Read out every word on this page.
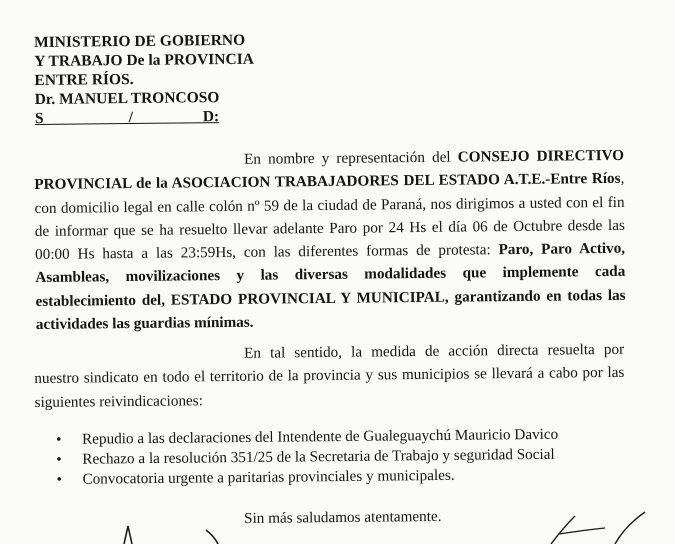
MINISTERIO DE GOBIERNO
Y TRABAJO De la PROVINCIA
ENTRE RÍOS.
Dr. MANUEL TRONCOSO
S                      /                  D:
En nombre y representación del CONSEJO DIRECTIVO PROVINCIAL de la ASOCIACION TRABAJADORES DEL ESTADO A.T.E.-Entre Ríos, con domicilio legal en calle colón nº 59 de la ciudad de Paraná, nos dirigimos a usted con el fin de informar que se ha resuelto llevar adelante Paro por 24 Hs el día 06 de Octubre desde las 00:00 Hs hasta a las 23:59Hs, con las diferentes formas de protesta: Paro, Paro Activo, Asambleas, movilizaciones y las diversas modalidades que implemente cada establecimiento del, ESTADO PROVINCIAL Y MUNICIPAL, garantizando en todas las actividades las guardias mínimas.
En tal sentido, la medida de acción directa resuelta por nuestro sindicato en todo el territorio de la provincia y sus municipios se llevará a cabo por las siguientes reivindicaciones:
• Repudio a las declaraciones del Intendente de Gualeguaychú Mauricio Davico
• Rechazo a la resolución 351/25 de la Secretaria de Trabajo y seguridad Social
• Convocatoria urgente a paritarias provinciales y municipales.
Sin más saludamos atentamente.
